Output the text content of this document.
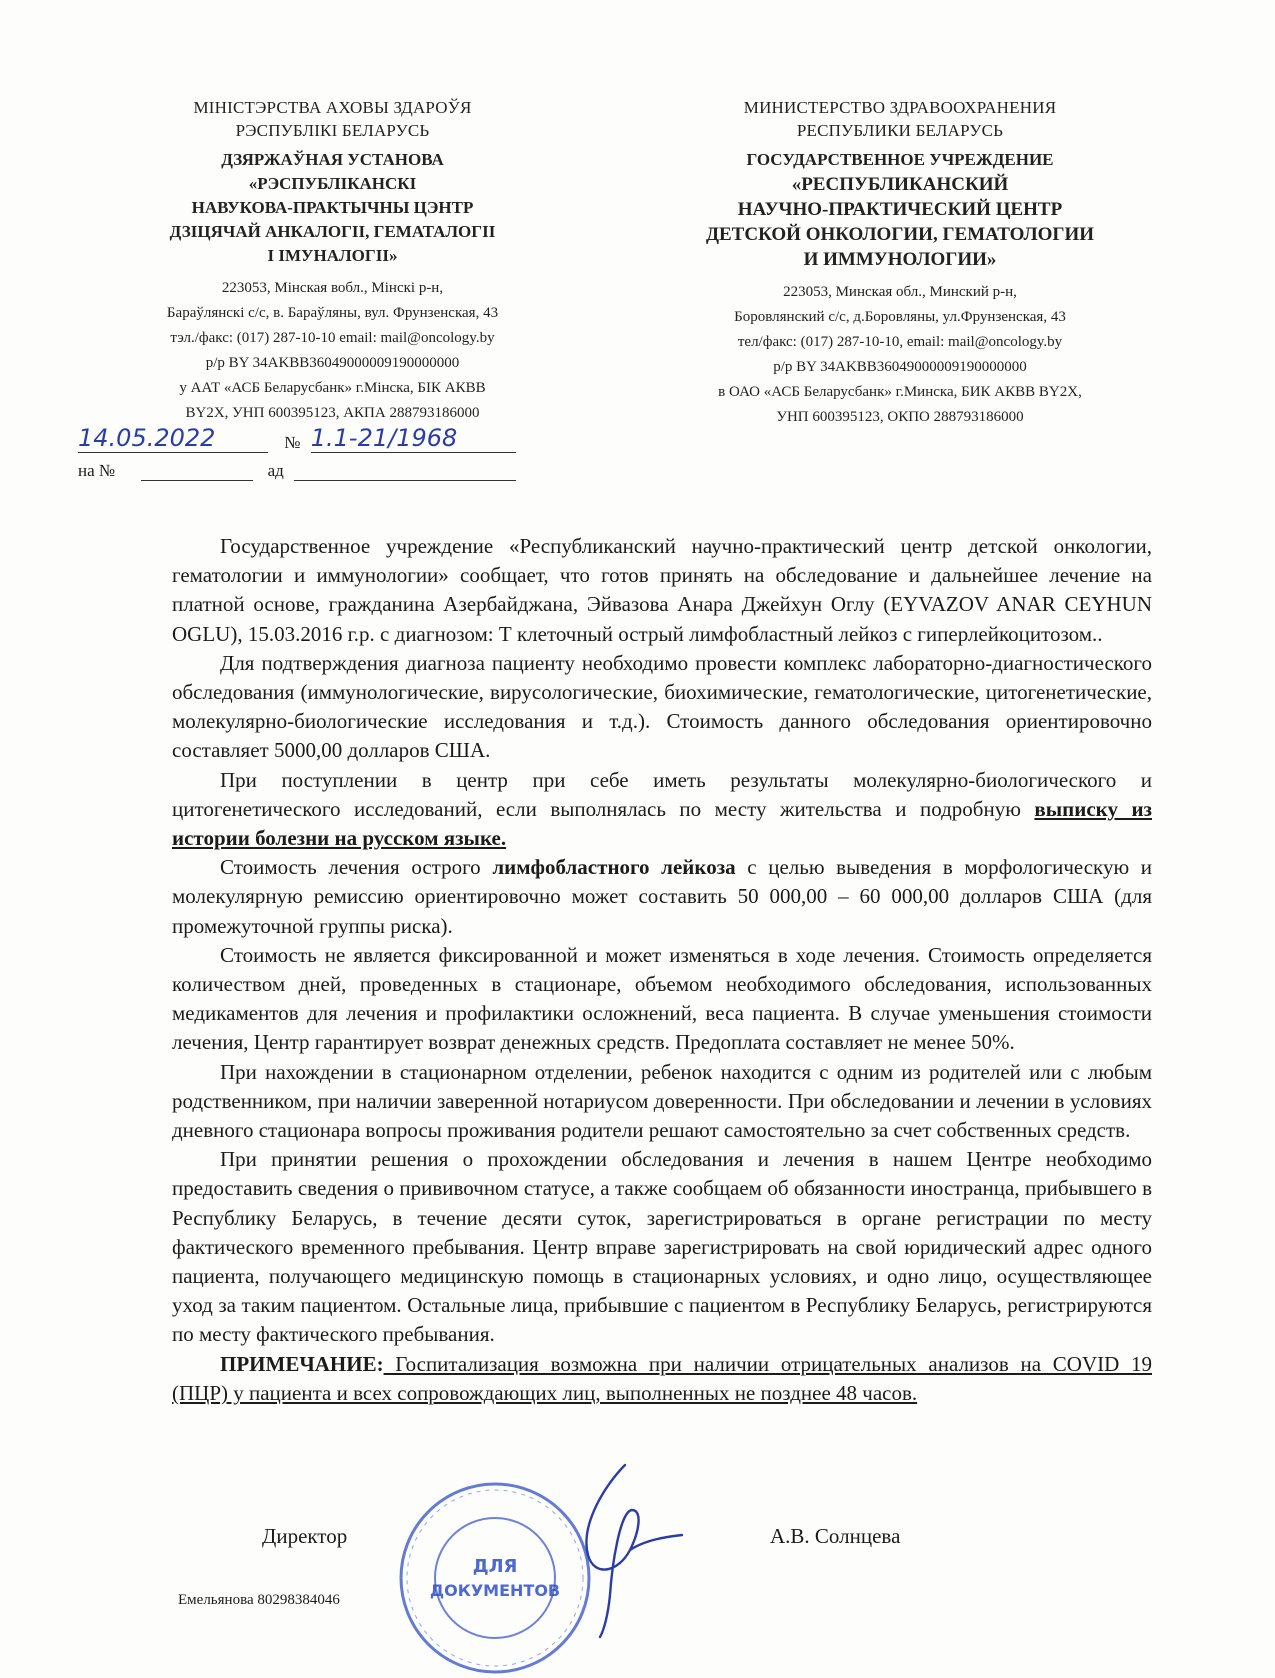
МІНІСТЭРСТВА АХОВЫ ЗДАРОЎЯ
РЭСПУБЛІКІ БЕЛАРУСЬ
ДЗЯРЖАЎНАЯ УСТАНОВА
«РЭСПУБЛІКАНСКІ
НАВУКОВА-ПРАКТЫЧНЫ ЦЭНТР
ДЗІЦЯЧАЙ АНКАЛОГІІ, ГЕМАТАЛОГІІ
І ІМУНАЛОГІІ»
223053, Мінская вобл., Мінскі р-н,
Бараўлянскі с/с, в. Бараўляны, вул. Фрунзенская, 43
тэл./факс: (017) 287-10-10 email: mail@oncology.by
р/р BY 34AKBB36049000009190000000
у ААТ «АСБ Беларусбанк» г.Мінска, БІК АКВВ
BY2X, УНП 600395123, АКПА 288793186000
МИНИСТЕРСТВО ЗДРАВООХРАНЕНИЯ
РЕСПУБЛИКИ БЕЛАРУСЬ
ГОСУДАРСТВЕННОЕ УЧРЕЖДЕНИЕ
«РЕСПУБЛИКАНСКИЙ
НАУЧНО-ПРАКТИЧЕСКИЙ ЦЕНТР
ДЕТСКОЙ ОНКОЛОГИИ, ГЕМАТОЛОГИИ
И ИММУНОЛОГИИ»
223053, Минская обл., Минский р-н,
Боровлянский с/с, д.Боровляны, ул.Фрунзенская, 43
тел/факс: (017) 287-10-10, email: mail@oncology.by
р/р BY 34AKBB36049000009190000000
в ОАО «АСБ Беларусбанк» г.Минска, БИК АКВВ BY2X,
УНП 600395123, ОКПО 288793186000
14.05.2022	№ 1.1-21/1968
на №	ад

Государственное учреждение «Республиканский научно-практический центр детской онкологии, гематологии и иммунологии» сообщает, что готов принять на обследование и дальнейшее лечение на платной основе, гражданина Азербайджана, Эйвазова Анара Джейхун Оглу (EYVAZOV ANAR CEYHUN OGLU), 15.03.2016 г.р. с диагнозом: Т клеточный острый лимфобластный лейкоз с гиперлейкоцитозом..

Для подтверждения диагноза пациенту необходимо провести комплекс лабораторно-диагностического обследования (иммунологические, вирусологические, биохимические, гематологические, цитогенетические, молекулярно-биологические исследования и т.д.). Стоимость данного обследования ориентировочно составляет 5000,00 долларов США.

При поступлении в центр при себе иметь результаты молекулярно-биологического и цитогенетического исследований, если выполнялась по месту жительства и подробную выписку из истории болезни на русском языке.

Стоимость лечения острого лимфобластного лейкоза с целью выведения в морфологическую и молекулярную ремиссию ориентировочно может составить 50 000,00 – 60 000,00 долларов США (для промежуточной группы риска).

Стоимость не является фиксированной и может изменяться в ходе лечения. Стоимость определяется количеством дней, проведенных в стационаре, объемом необходимого обследования, использованных медикаментов для лечения и профилактики осложнений, веса пациента. В случае уменьшения стоимости лечения, Центр гарантирует возврат денежных средств. Предоплата составляет не менее 50%.

При нахождении в стационарном отделении, ребенок находится с одним из родителей или с любым родственником, при наличии заверенной нотариусом доверенности. При обследовании и лечении в условиях дневного стационара вопросы проживания родители решают самостоятельно за счет собственных средств.

При принятии решения о прохождении обследования и лечения в нашем Центре необходимо предоставить сведения о прививочном статусе, а также сообщаем об обязанности иностранца, прибывшего в Республику Беларусь, в течение десяти суток, зарегистрироваться в органе регистрации по месту фактического временного пребывания. Центр вправе зарегистрировать на свой юридический адрес одного пациента, получающего медицинскую помощь в стационарных условиях, и одно лицо, осуществляющее уход за таким пациентом. Остальные лица, прибывшие с пациентом в Республику Беларусь, регистрируются по месту фактического пребывания.

ПРИМЕЧАНИЕ: Госпитализация возможна при наличии отрицательных анализов на COVID 19 (ПЦР) у пациента и всех сопровождающих лиц, выполненных не позднее 48 часов.

Директор	А.В. Солнцева
ДЛЯ
ДОКУМЕНТОВ
Емельянова 80298384046
